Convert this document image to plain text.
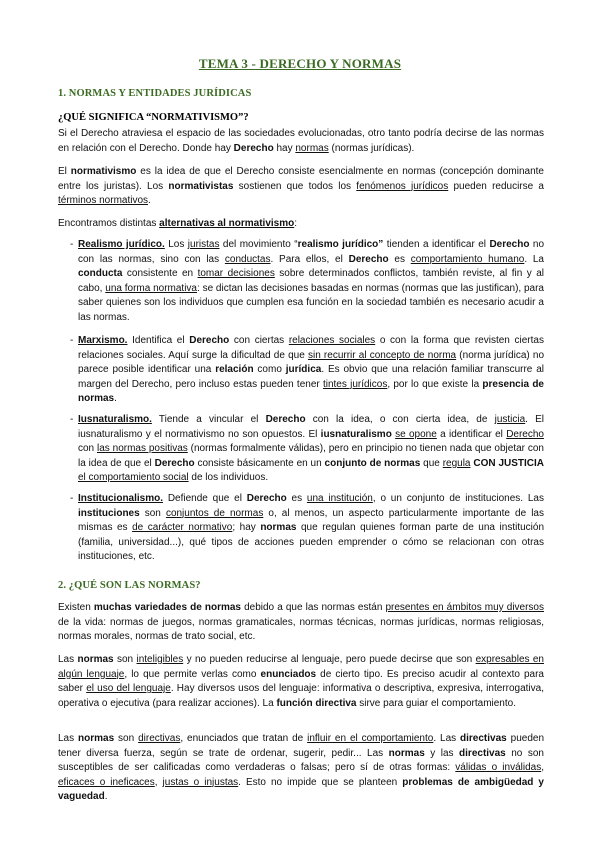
TEMA 3 - DERECHO Y NORMAS
1. NORMAS Y ENTIDADES JURÍDICAS
¿QUÉ SIGNIFICA “NORMATIVISMO”?

Si el Derecho atraviesa el espacio de las sociedades evolucionadas, otro tanto podría decirse de las normas en relación con el Derecho. Donde hay Derecho hay normas (normas jurídicas).

El normativismo es la idea de que el Derecho consiste esencialmente en normas (concepción dominante entre los juristas). Los normativistas sostienen que todos los fenómenos jurídicos pueden reducirse a términos normativos.

Encontramos distintas alternativas al normativismo:

- Realismo jurídico. Los juristas del movimiento “realismo jurídico” tienden a identificar el Derecho no con las normas, sino con las conductas. Para ellos, el Derecho es comportamiento humano. La conducta consistente en tomar decisiones sobre determinados conflictos, también reviste, al fin y al cabo, una forma normativa: se dictan las decisiones basadas en normas (normas que las justifican), para saber quienes son los individuos que cumplen esa función en la sociedad también es necesario acudir a las normas.
- Marxismo. Identifica el Derecho con ciertas relaciones sociales o con la forma que revisten ciertas relaciones sociales. Aquí surge la dificultad de que sin recurrir al concepto de norma (norma jurídica) no parece posible identificar una relación como jurídica. Es obvio que una relación familiar transcurre al margen del Derecho, pero incluso estas pueden tener tintes jurídicos, por lo que existe la presencia de normas.
- Iusnaturalismo. Tiende a vincular el Derecho con la idea, o con cierta idea, de justicia. El iusnaturalismo y el normativismo no son opuestos. El iusnaturalismo se opone a identificar el Derecho con las normas positivas (normas formalmente válidas), pero en principio no tienen nada que objetar con la idea de que el Derecho consiste básicamente en un conjunto de normas que regula CON JUSTICIA el comportamiento social de los individuos.
- Institucionalismo. Defiende que el Derecho es una institución, o un conjunto de instituciones. Las instituciones son conjuntos de normas o, al menos, un aspecto particularmente importante de las mismas es de carácter normativo; hay normas que regulan quienes forman parte de una institución (familia, universidad...), qué tipos de acciones pueden emprender o cómo se relacionan con otras instituciones, etc.
2. ¿QUÉ SON LAS NORMAS?

Existen muchas variedades de normas debido a que las normas están presentes en ámbitos muy diversos de la vida: normas de juegos, normas gramaticales, normas técnicas, normas jurídicas, normas religiosas, normas morales, normas de trato social, etc.

Las normas son inteligibles y no pueden reducirse al lenguaje, pero puede decirse que son expresables en algún lenguaje, lo que permite verlas como enunciados de cierto tipo. Es preciso acudir al contexto para saber el uso del lenguaje. Hay diversos usos del lenguaje: informativa o descriptiva, expresiva, interrogativa, operativa o ejecutiva (para realizar acciones). La función directiva sirve para guiar el comportamiento.

Las normas son directivas, enunciados que tratan de influir en el comportamiento. Las directivas pueden tener diversa fuerza, según se trate de ordenar, sugerir, pedir... Las normas y las directivas no son susceptibles de ser calificadas como verdaderas o falsas; pero sí de otras formas: válidas o inválidas, eficaces o ineficaces, justas o injustas. Esto no impide que se planteen problemas de ambigüedad y vaguedad.
